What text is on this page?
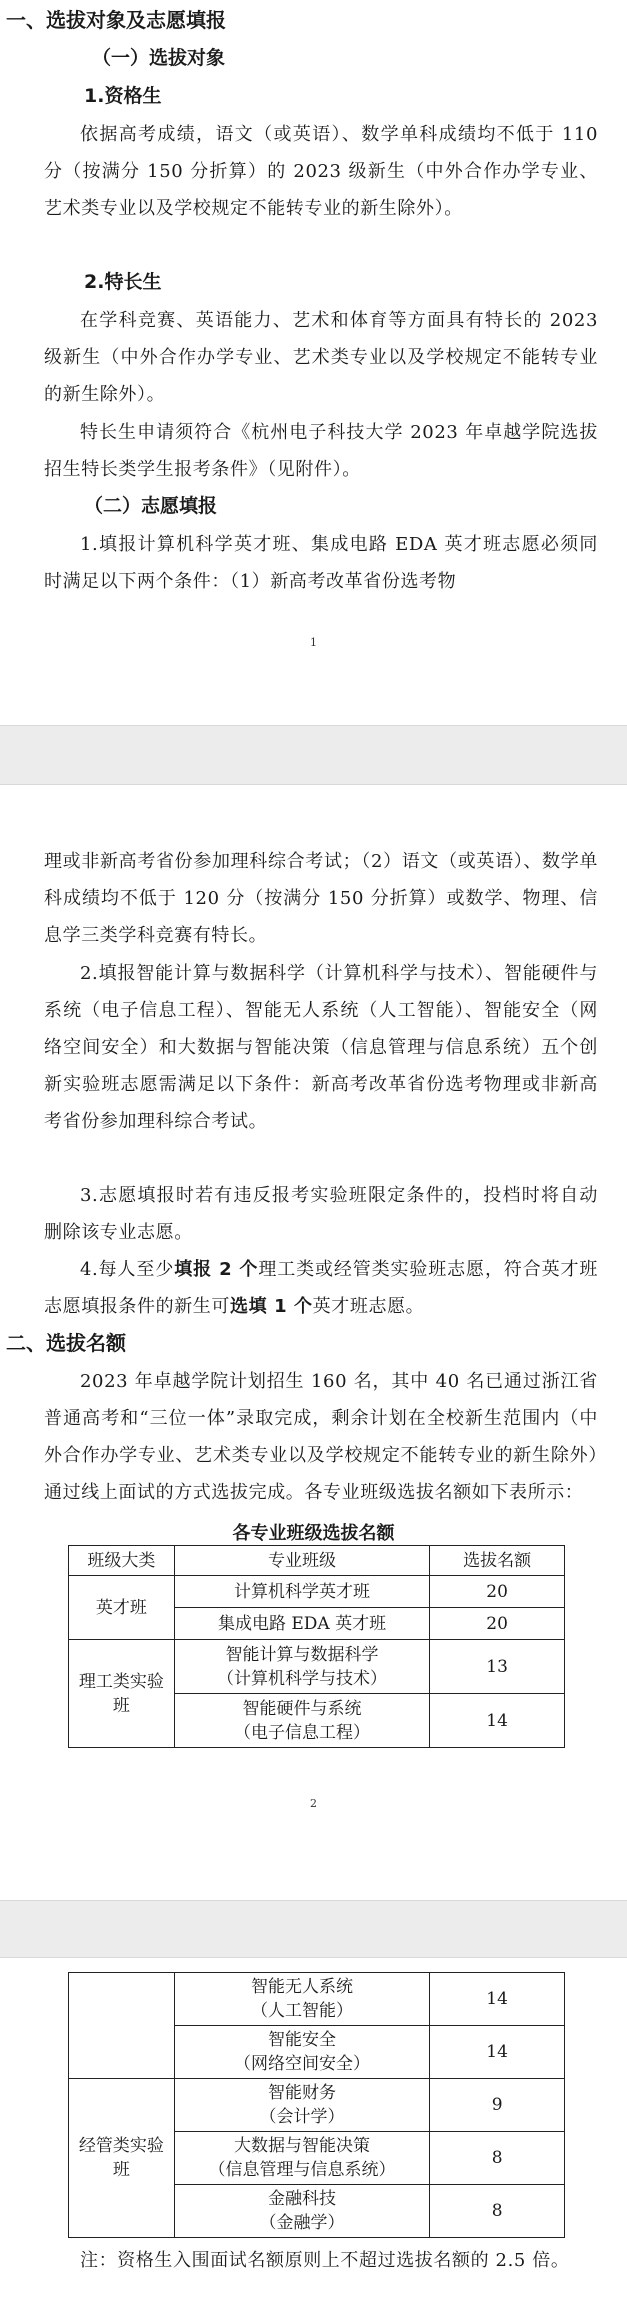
一、选拔对象及志愿填报
（一）选拔对象
1.资格生
依据高考成绩，语文（或英语）、数学单科成绩均不低于 110 分（按满分 150 分折算）的 2023 级新生（中外合作办学专业、艺术类专业以及学校规定不能转专业的新生除外）。
2.特长生
在学科竞赛、英语能力、艺术和体育等方面具有特长的 2023 级新生（中外合作办学专业、艺术类专业以及学校规定不能转专业的新生除外）。
特长生申请须符合《杭州电子科技大学 2023 年卓越学院选拔招生特长类学生报考条件》（见附件）。
（二）志愿填报
1.填报计算机科学英才班、集成电路 EDA 英才班志愿必须同时满足以下两个条件：（1）新高考改革省份选考物
1
理或非新高考省份参加理科综合考试；（2）语文（或英语）、数学单科成绩均不低于 120 分（按满分 150 分折算）或数学、物理、信息学三类学科竞赛有特长。
2.填报智能计算与数据科学（计算机科学与技术）、智能硬件与系统（电子信息工程）、智能无人系统（人工智能）、智能安全（网络空间安全）和大数据与智能决策（信息管理与信息系统）五个创新实验班志愿需满足以下条件：新高考改革省份选考物理或非新高考省份参加理科综合考试。
3.志愿填报时若有违反报考实验班限定条件的，投档时将自动删除该专业志愿。
4.每人至少填报 2 个理工类或经管类实验班志愿，符合英才班志愿填报条件的新生可选填 1 个英才班志愿。
二、选拔名额
2023 年卓越学院计划招生 160 名，其中 40 名已通过浙江省普通高考和“三位一体”录取完成，剩余计划在全校新生范围内（中外合作办学专业、艺术类专业以及学校规定不能转专业的新生除外）通过线上面试的方式选拔完成。各专业班级选拔名额如下表所示：
各专业班级选拔名额
班级大类	专业班级	选拔名额
英才班	计算机科学英才班	20
	集成电路 EDA 英才班	20
理工类实验班	智能计算与数据科学
（计算机科学与技术）	13

	智能硬件与系统
（电子信息工程）	14
2

	智能无人系统
（人工智能）	14

	智能安全
（网络空间安全）	14
经管类实验班	智能财务
（会计学）	9

	大数据与智能决策
（信息管理与信息系统）	8

	金融科技
（金融学）	8
注：资格生入围面试名额原则上不超过选拔名额的 2.5 倍。
